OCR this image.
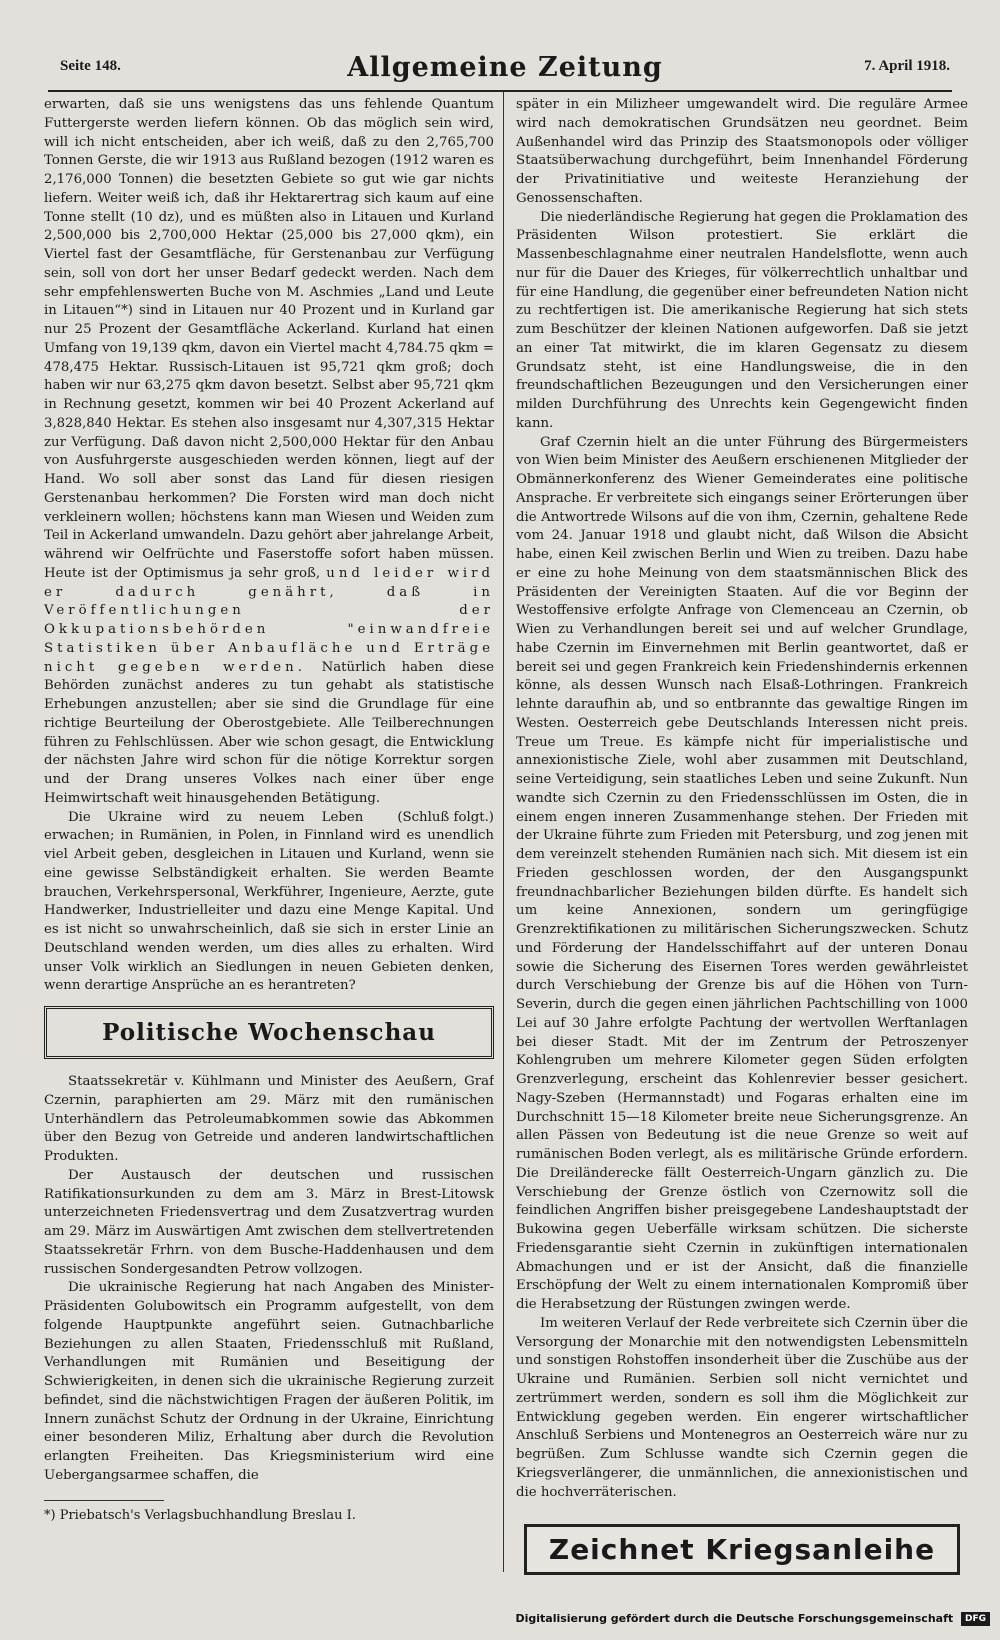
Seite 148.	Allgemeine Zeitung	7. April 1918.

erwarten, daß sie uns wenigstens das uns fehlende Quantum Futtergerste werden liefern können. Ob das möglich sein wird, will ich nicht entscheiden, aber ich weiß, daß zu den 2,765,700 Tonnen Gerste, die wir 1913 aus Rußland bezogen (1912 waren es 2,176,000 Tonnen) die besetzten Gebiete so gut wie gar nichts liefern. Weiter weiß ich, daß ihr Hektarertrag sich kaum auf eine Tonne stellt (10 dz), und es müßten also in Litauen und Kurland 2,500,000 bis 2,700,000 Hektar (25,000 bis 27,000 qkm), ein Viertel fast der Gesamtfläche, für Gerstenanbau zur Verfügung sein, soll von dort her unser Bedarf gedeckt werden. Nach dem sehr empfehlenswerten Buche von M. Aschmies „Land und Leute in Litauen“*) sind in Litauen nur 40 Prozent und in Kurland gar nur 25 Prozent der Gesamtfläche Ackerland. Kurland hat einen Umfang von 19,139 qkm, davon ein Viertel macht 4,784.75 qkm = 478,475 Hektar. Russisch-Litauen ist 95,721 qkm groß; doch haben wir nur 63,275 qkm davon besetzt. Selbst aber 95,721 qkm in Rechnung gesetzt, kommen wir bei 40 Prozent Ackerland auf 3,828,840 Hektar. Es stehen also insgesamt nur 4,307,315 Hektar zur Verfügung. Daß davon nicht 2,500,000 Hektar für den Anbau von Ausfuhrgerste ausgeschieden werden können, liegt auf der Hand. Wo soll aber sonst das Land für diesen riesigen Gerstenanbau herkommen? Die Forsten wird man doch nicht verkleinern wollen; höchstens kann man Wiesen und Weiden zum Teil in Ackerland umwandeln. Dazu gehört aber jahrelange Arbeit, während wir Oelfrüchte und Faserstoffe sofort haben müssen. Heute ist der Optimismus ja sehr groß, und leider wird er dadurch genährt, daß in Veröffentlichungen der Okkupationsbehörden "einwandfreie Statistiken über Anbaufläche und Erträge nicht gegeben werden. Natürlich haben diese Behörden zunächst anderes zu tun gehabt als statistische Erhebungen anzustellen; aber sie sind die Grundlage für eine richtige Beurteilung der Oberostgebiete. Alle Teilberechnungen führen zu Fehlschlüssen. Aber wie schon gesagt, die Entwicklung der nächsten Jahre wird schon für die nötige Korrektur sorgen und der Drang unseres Volkes nach einer über enge Heimwirtschaft weit hinausgehenden Betätigung.

(Schluß folgt.)
Die Ukraine wird zu neuem Leben erwachen; in Rumänien, in Polen, in Finnland wird es unendlich viel Arbeit geben, desgleichen in Litauen und Kurland, wenn sie eine gewisse Selbständigkeit erhalten. Sie werden Beamte brauchen, Verkehrspersonal, Werkführer, Ingenieure, Aerzte, gute Handwerker, Industrielleiter und dazu eine Menge Kapital. Und es ist nicht so unwahrscheinlich, daß sie sich in erster Linie an Deutschland wenden werden, um dies alles zu erhalten. Wird unser Volk wirklich an Siedlungen in neuen Gebieten denken, wenn derartige Ansprüche an es herantreten?

Politische Wochenschau

Staatssekretär v. Kühlmann und Minister des Aeußern, Graf Czernin, paraphierten am 29. März mit den rumänischen Unterhändlern das Petroleumabkommen sowie das Abkommen über den Bezug von Getreide und anderen landwirtschaftlichen Produkten.

Der Austausch der deutschen und russischen Ratifikationsurkunden zu dem am 3. März in Brest-Litowsk unterzeichneten Friedensvertrag und dem Zusatzvertrag wurden am 29. März im Auswärtigen Amt zwischen dem stellvertretenden Staatssekretär Frhrn. von dem Busche-Haddenhausen und dem russischen Sondergesandten Petrow vollzogen.

Die ukrainische Regierung hat nach Angaben des Minister-Präsidenten Golubowitsch ein Programm aufgestellt, von dem folgende Hauptpunkte angeführt seien. Gutnachbarliche Beziehungen zu allen Staaten, Friedensschluß mit Rußland, Verhandlungen mit Rumänien und Beseitigung der Schwierigkeiten, in denen sich die ukrainische Regierung zurzeit befindet, sind die nächstwichtigen Fragen der äußeren Politik, im Innern zunächst Schutz der Ordnung in der Ukraine, Einrichtung einer besonderen Miliz, Erhaltung aber durch die Revolution erlangten Freiheiten. Das Kriegsministerium wird eine Uebergangsarmee schaffen, die

*) Priebatsch's Verlagsbuchhandlung Breslau I.

später in ein Milizheer umgewandelt wird. Die reguläre Armee wird nach demokratischen Grundsätzen neu geordnet. Beim Außenhandel wird das Prinzip des Staatsmonopols oder völliger Staatsüberwachung durchgeführt, beim Innenhandel Förderung der Privatinitiative und weiteste Heranziehung der Genossenschaften.

Die niederländische Regierung hat gegen die Proklamation des Präsidenten Wilson protestiert. Sie erklärt die Massenbeschlagnahme einer neutralen Handelsflotte, wenn auch nur für die Dauer des Krieges, für völkerrechtlich unhaltbar und für eine Handlung, die gegenüber einer befreundeten Nation nicht zu rechtfertigen ist. Die amerikanische Regierung hat sich stets zum Beschützer der kleinen Nationen aufgeworfen. Daß sie jetzt an einer Tat mitwirkt, die im klaren Gegensatz zu diesem Grundsatz steht, ist eine Handlungsweise, die in den freundschaftlichen Bezeugungen und den Versicherungen einer milden Durchführung des Unrechts kein Gegengewicht finden kann.

Graf Czernin hielt an die unter Führung des Bürgermeisters von Wien beim Minister des Aeußern erschienenen Mitglieder der Obmännerkonferenz des Wiener Gemeinderates eine politische Ansprache. Er verbreitete sich eingangs seiner Erörterungen über die Antwortrede Wilsons auf die von ihm, Czernin, gehaltene Rede vom 24. Januar 1918 und glaubt nicht, daß Wilson die Absicht habe, einen Keil zwischen Berlin und Wien zu treiben. Dazu habe er eine zu hohe Meinung von dem staatsmännischen Blick des Präsidenten der Vereinigten Staaten. Auf die vor Beginn der Westoffensive erfolgte Anfrage von Clemenceau an Czernin, ob Wien zu Verhandlungen bereit sei und auf welcher Grundlage, habe Czernin im Einvernehmen mit Berlin geantwortet, daß er bereit sei und gegen Frankreich kein Friedenshindernis erkennen könne, als dessen Wunsch nach Elsaß-Lothringen. Frankreich lehnte daraufhin ab, und so entbrannte das gewaltige Ringen im Westen. Oesterreich gebe Deutschlands Interessen nicht preis. Treue um Treue. Es kämpfe nicht für imperialistische und annexionistische Ziele, wohl aber zusammen mit Deutschland, seine Verteidigung, sein staatliches Leben und seine Zukunft. Nun wandte sich Czernin zu den Friedensschlüssen im Osten, die in einem engen inneren Zusammenhange stehen. Der Frieden mit der Ukraine führte zum Frieden mit Petersburg, und zog jenen mit dem vereinzelt stehenden Rumänien nach sich. Mit diesem ist ein Frieden geschlossen worden, der den Ausgangspunkt freundnachbarlicher Beziehungen bilden dürfte. Es handelt sich um keine Annexionen, sondern um geringfügige Grenzrektifikationen zu militärischen Sicherungszwecken. Schutz und Förderung der Handelsschiffahrt auf der unteren Donau sowie die Sicherung des Eisernen Tores werden gewährleistet durch Verschiebung der Grenze bis auf die Höhen von Turn-Severin, durch die gegen einen jährlichen Pachtschilling von 1000 Lei auf 30 Jahre erfolgte Pachtung der wertvollen Werftanlagen bei dieser Stadt. Mit der im Zentrum der Petroszenyer Kohlengruben um mehrere Kilometer gegen Süden erfolgten Grenzverlegung, erscheint das Kohlenrevier besser gesichert. Nagy-Szeben (Hermannstadt) und Fogaras erhalten eine im Durchschnitt 15—18 Kilometer breite neue Sicherungsgrenze. An allen Pässen von Bedeutung ist die neue Grenze so weit auf rumänischen Boden verlegt, als es militärische Gründe erfordern. Die Dreiländerecke fällt Oesterreich-Ungarn gänzlich zu. Die Verschiebung der Grenze östlich von Czernowitz soll die feindlichen Angriffen bisher preisgegebene Landeshauptstadt der Bukowina gegen Ueberfälle wirksam schützen. Die sicherste Friedensgarantie sieht Czernin in zukünftigen internationalen Abmachungen und er ist der Ansicht, daß die finanzielle Erschöpfung der Welt zu einem internationalen Kompromiß über die Herabsetzung der Rüstungen zwingen werde.

Im weiteren Verlauf der Rede verbreitete sich Czernin über die Versorgung der Monarchie mit den notwendigsten Lebensmitteln und sonstigen Rohstoffen insonderheit über die Zuschübe aus der Ukraine und Rumänien. Serbien soll nicht vernichtet und zertrümmert werden, sondern es soll ihm die Möglichkeit zur Entwicklung gegeben werden. Ein engerer wirtschaftlicher Anschluß Serbiens und Montenegros an Oesterreich wäre nur zu begrüßen. Zum Schlusse wandte sich Czernin gegen die Kriegsverlängerer, die unmännlichen, die annexionistischen und die hochverräterischen.

Zeichnet Kriegsanleihe
Digitalisierung gefördert durch die Deutsche Forschungsgemeinschaft DFG
